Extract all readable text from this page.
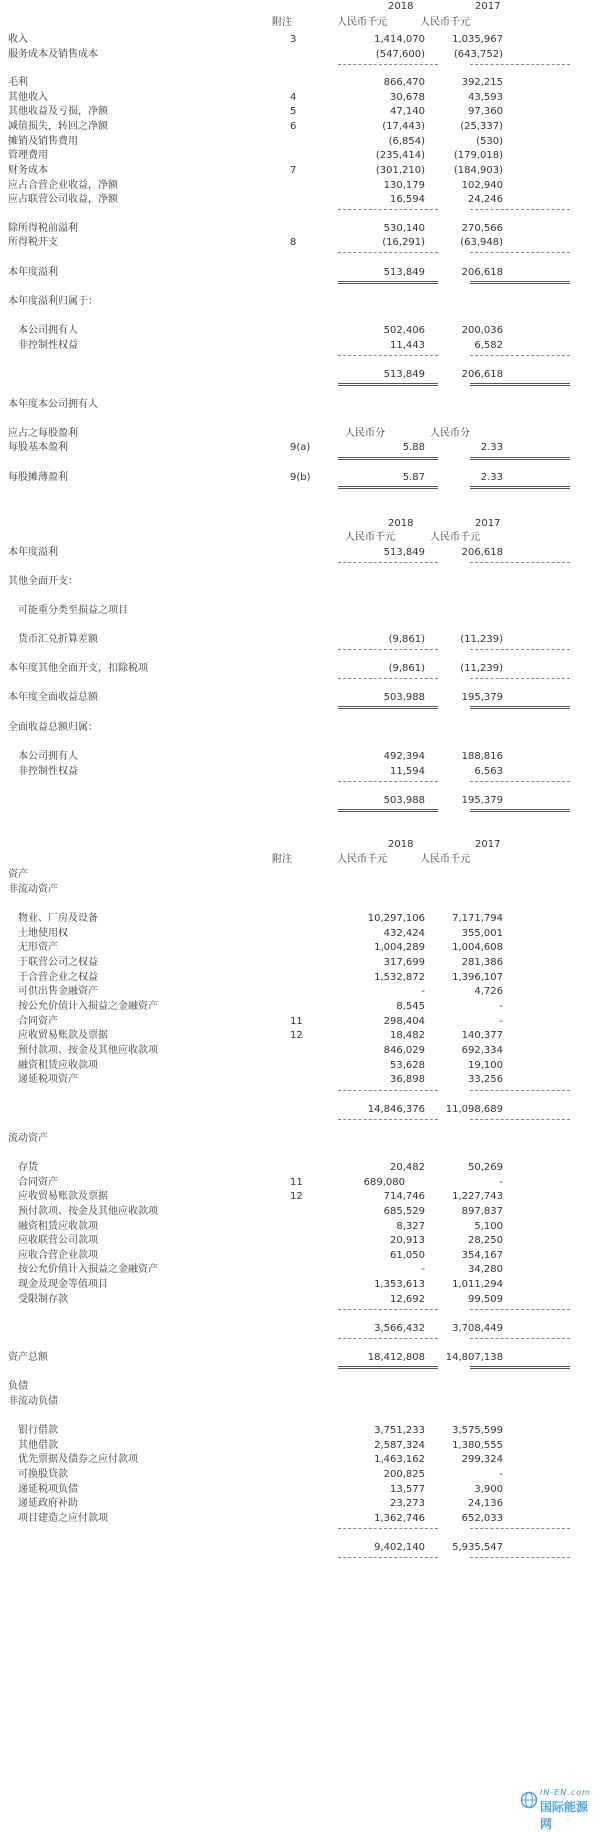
2018	2017
附注	人民币千元	人民币千元
收入	3	1,414,070	1,035,967
服务成本及销售成本	(547,600)	(643,752)
毛利	866,470	392,215
其他收入	4	30,678	43,593
其他收益及亏损，净额	5	47,140	97,360
减值损失，转回之净额	6	(17,443)	(25,337)
摊销及销售费用	(6,854)	(530)
管理费用	(235,414)	(179,018)
财务成本	7	(301,210)	(184,903)
应占合营企业收益，净额	130,179	102,940
应占联营公司收益，净额	16,594	24,246
除所得税前溢利	530,140	270,566
所得税开支	8	(16,291)	(63,948)
本年度溢利	513,849	206,618
本年度溢利归属于：
本公司拥有人	502,406	200,036
非控制性权益	11,443	6,582
513,849	206,618
本年度本公司拥有人
应占之每股盈利	人民币分	人民币分
每股基本盈利	9(a)	5.88	2.33
每股摊薄盈利	9(b)	5.87	2.33
2018	2017
人民币千元	人民币千元
本年度溢利	513,849	206,618
其他全面开支：
可能重分类至损益之项目
货币汇兑折算差额	(9,861)	(11,239)
本年度其他全面开支，扣除税项	(9,861)	(11,239)
本年度全面收益总额	503,988	195,379
全面收益总额归属：
本公司拥有人	492,394	188,816
非控制性权益	11,594	6,563
503,988	195,379
2018	2017
附注	人民币千元	人民币千元
资产
非流动资产
物业、厂房及设备	10,297,106	7,171,794
土地使用权	432,424	355,001
无形资产	1,004,289	1,004,608
于联营公司之权益	317,699	281,386
于合营企业之权益	1,532,872	1,396,107
可供出售金融资产	-	4,726
按公允价值计入损益之金融资产	8,545	-
合同资产	11	298,404	-
应收贸易账款及票据	12	18,482	140,377
预付款项、按金及其他应收款项	846,029	692,334
融资租赁应收款项	53,628	19,100
递延税项资产	36,898	33,256
14,846,376 11,098,689
流动资产
存货	20,482	50,269
合同资产	11	689,080	-
应收贸易账款及票据	12	714,746	1,227,743
预付款项、按金及其他应收款项	685,529	897,837
融资租赁应收款项	8,327	5,100
应收联营公司款项	20,913	28,250
应收合营企业款项	61,050	354,167
按公允价值计入损益之金融资产	-	34,280
现金及现金等值项目	1,353,613	1,011,294
受限制存款	12,692	99,509
3,566,432	3,708,449
资产总额	18,412,808 14,807,138
负债
非流动负债
银行借款	3,751,233	3,575,599
其他借款	2,587,324	1,380,555
优先票据及债券之应付款项	1,463,162	299,324
可换股贷款	200,825	-
递延税项负债	13,577	3,900
递延政府补助	23,273	24,136
项目建造之应付款项	1,362,746	652,033
9,402,140	5,935,547
IN-EN.com
国际能源网
